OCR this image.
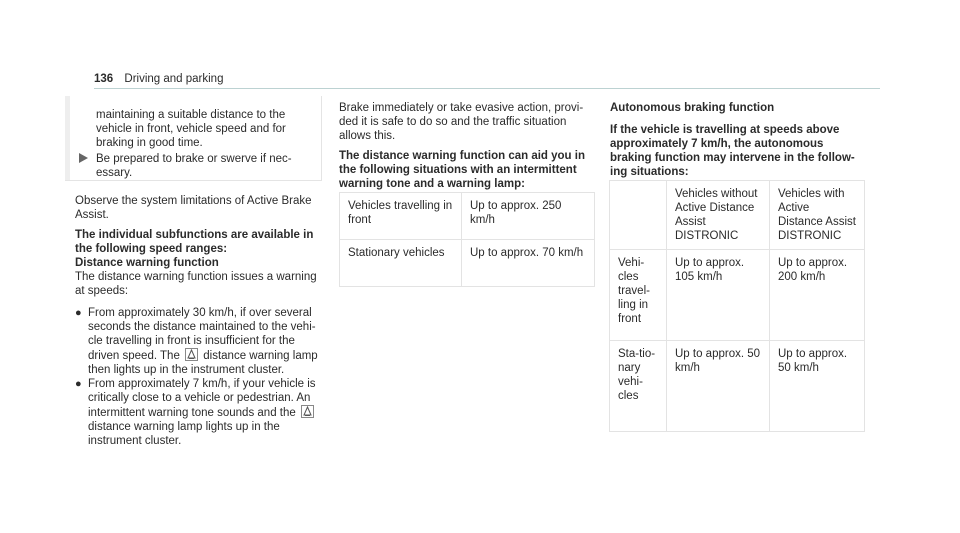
136 Driving and parking
maintaining a suitable distance to the vehicle in front, vehicle speed and for braking in good time.
Be prepared to brake or swerve if nec-essary.

Observe the system limitations of Active Brake Assist.

The individual subfunctions are available in the following speed ranges:

Distance warning function

The distance warning function issues a warning at speeds:

● From approximately 30 km/h, if over several seconds the distance maintained to the vehi-cle travelling in front is insufficient for the driven speed. The distance warning lamp then lights up in the instrument cluster.
● From approximately 7 km/h, if your vehicle is critically close to a vehicle or pedestrian. An intermittent warning tone sounds and the
distance warning lamp lights up in the instrument cluster.

Brake immediately or take evasive action, provi-ded it is safe to do so and the traffic situation allows this.

The distance warning function can aid you in the following situations with an intermittent warning tone and a warning lamp:

Vehicles travelling in front	Up to approx. 250 km/h
Stationary vehicles	Up to approx. 70 km/h

Autonomous braking function

If the vehicle is travelling at speeds above approximately 7 km/h, the autonomous braking function may intervene in the follow-ing situations:

	Vehicles without Active Distance Assist DISTRONIC	Vehicles with Active Distance Assist DISTRONIC
Vehi-cles travel-ling in front	Up to approx. 105 km/h	Up to approx. 200 km/h
Sta-tio-nary vehi-cles	Up to approx. 50 km/h	Up to approx. 50 km/h
